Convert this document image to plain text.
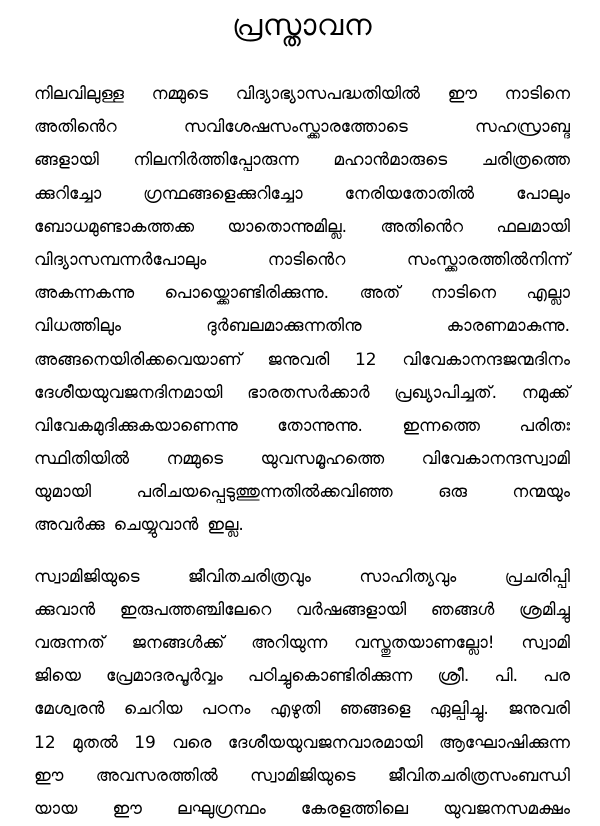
പ്രസ്താവന
നിലവിലുള്ള നമ്മുടെ വിദ്യാഭ്യാസപദ്ധതിയിൽ ഈ നാടിനെ
അതിൻെറ	സവിശേഷസംസ്ക്കാരത്തോടെ	സഹസ്രാബ്ദ
ങ്ങളായി നിലനിർത്തിപ്പോരുന്ന മഹാൻമാരുടെ ചരിത്രത്തെ
ക്കുറിച്ചോ ഗ്രന്ഥങ്ങളെക്കുറിച്ചോ നേരിയതോതിൽ പോലും
ബോധമുണ്ടാകത്തക്ക യാതൊന്നുമില്ല. അതിൻെറ ഫലമായി
വിദ്യാസമ്പന്നർപോലും	നാടിൻെറ	സംസ്ക്കാരത്തിൽനിന്ന്
അകന്നകന്നു പൊയ്ക്കൊണ്ടിരിക്കുന്നു. അത് നാടിനെ എല്ലാ
വിധത്തിലും	ദുർബലമാക്കുന്നതിനു	കാരണമാകുന്നു.
അങ്ങനെയിരിക്കവെയാണ് ജനുവരി 12 വിവേകാനന്ദജന്മദിനം
ദേശീയയുവജനദിനമായി ഭാരതസർക്കാർ പ്രഖ്യാപിച്ചത്. നമുക്ക്
വിവേകമുദിക്കുകയാണെന്നു തോന്നുന്നു. ഇന്നത്തെ പരിതഃ
സ്ഥിതിയിൽ നമ്മുടെ യുവസമൂഹത്തെ വിവേകാനന്ദസ്വാമി
യുമായി	പരിചയപ്പെടുത്തുന്നതിൽക്കവിഞ്ഞ	ഒരു	നന്മയും
അവർക്കു ചെയ്യുവാൻ ഇല്ല.
സ്വാമിജിയുടെ	ജീവിതചരിത്രവും	സാഹിത്യവും	പ്രചരിപ്പി
ക്കുവാൻ ഇരുപത്തഞ്ചിലേറെ വർഷങ്ങളായി ഞങ്ങൾ ശ്രമിച്ചു
വരുന്നത് ജനങ്ങൾക്ക് അറിയുന്ന വസ്തുതയാണല്ലോ! സ്വാമി
ജിയെ പ്രേമാദരപൂർവ്വം പഠിച്ചുകൊണ്ടിരിക്കുന്ന ശ്രീ. പി. പര
മേശ്വരൻ ചെറിയ പഠനം എഴുതി ഞങ്ങളെ ഏല്പിച്ചു. ജനുവരി
12 മുതൽ 19 വരെ ദേശീയയുവജനവാരമായി ആഘോഷിക്കുന്ന
ഈ അവസരത്തിൽ സ്വാമിജിയുടെ ജീവിതചരിത്രസംബന്ധി
യായ ഈ ലഘുഗ്രന്ഥം കേരളത്തിലെ യുവജനസമക്ഷം
